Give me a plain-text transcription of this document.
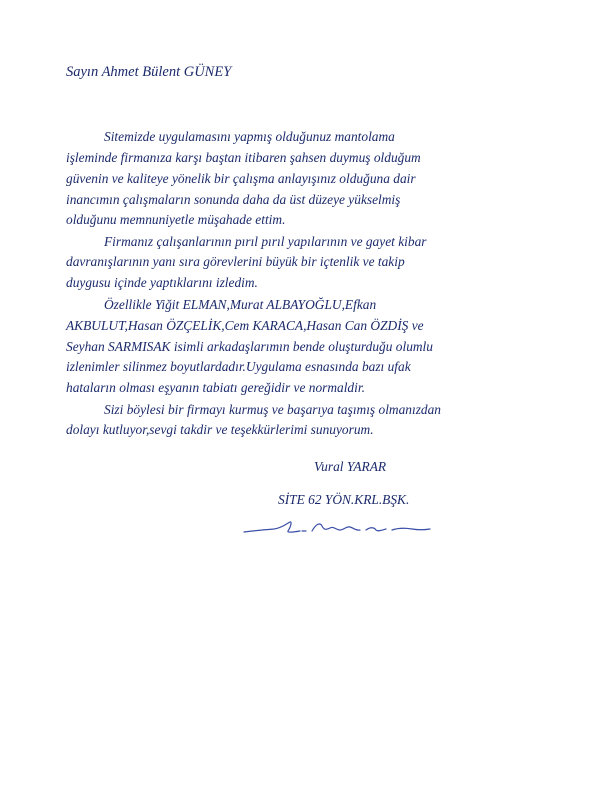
Sayın Ahmet Bülent GÜNEY
Sitemizde uygulamasını yapmış olduğunuz mantolama
işleminde firmanıza karşı baştan itibaren şahsen duymuş olduğum
güvenin ve kaliteye yönelik bir çalışma anlayışınız olduğuna dair
inancımın çalışmaların sonunda daha da üst düzeye yükselmiş
olduğunu memnuniyetle müşahade ettim.
Firmanız çalışanlarının pırıl pırıl yapılarının ve gayet kibar
davranışlarının yanı sıra görevlerini büyük bir içtenlik ve takip
duygusu içinde yaptıklarını izledim.
Özellikle Yiğit ELMAN,Murat ALBAYOĞLU,Efkan
AKBULUT,Hasan ÖZÇELİK,Cem KARACA,Hasan Can ÖZDİŞ ve
Seyhan SARMISAK isimli arkadaşlarımın bende oluşturduğu olumlu
izlenimler silinmez boyutlardadır.Uygulama esnasında bazı ufak
hataların olması eşyanın tabiatı gereğidir ve normaldir.
Sizi böylesi bir firmayı kurmuş ve başarıya taşımış olmanızdan
dolayı kutluyor,sevgi takdir ve teşekkürlerimi sunuyorum.
Vural YARAR
SİTE 62 YÖN.KRL.BŞK.
